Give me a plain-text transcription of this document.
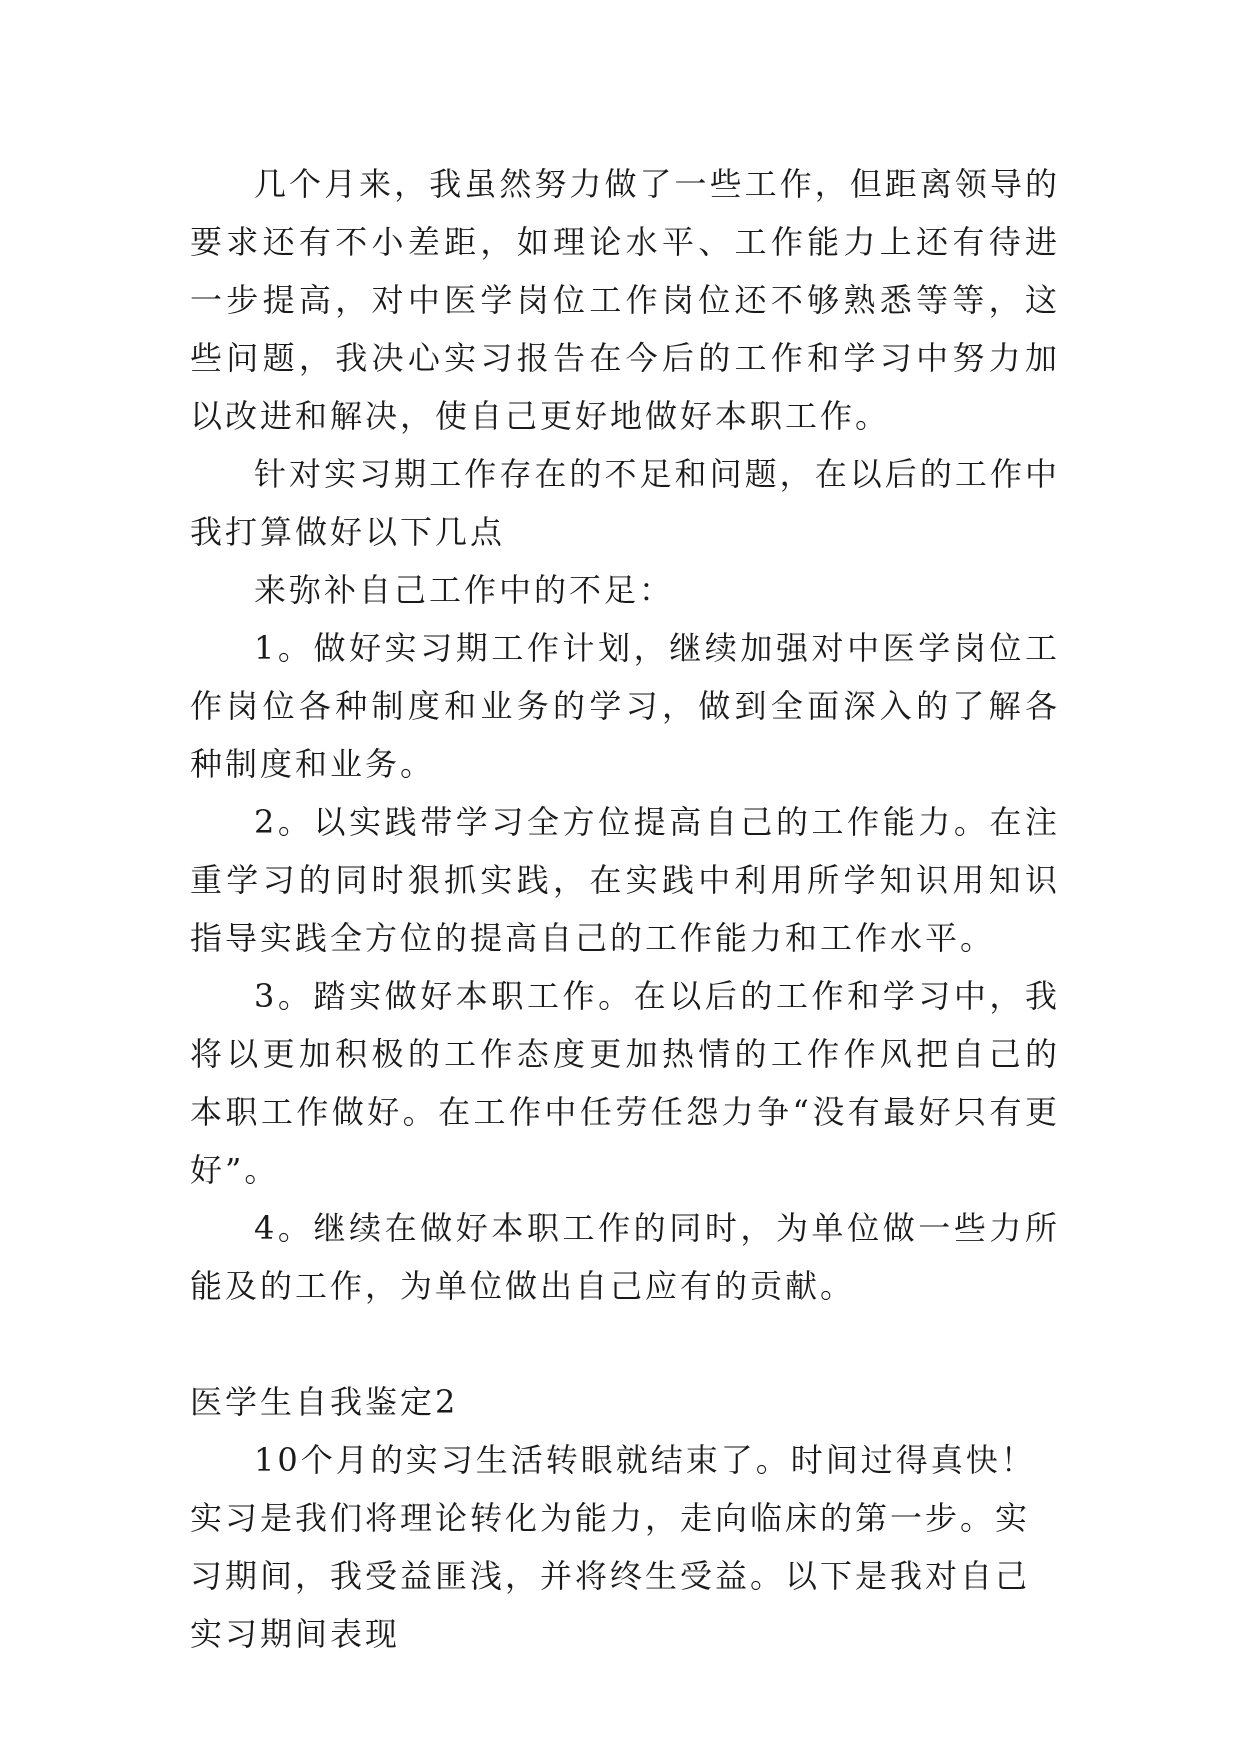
几个月来，我虽然努力做了一些工作，但距离领导的要求还有不小差距，如理论水平、工作能力上还有待进一步提高，对中医学岗位工作岗位还不够熟悉等等，这些问题，我决心实习报告在今后的工作和学习中努力加以改进和解决，使自己更好地做好本职工作。

针对实习期工作存在的不足和问题，在以后的工作中我打算做好以下几点

来弥补自己工作中的不足：

1。做好实习期工作计划，继续加强对中医学岗位工作岗位各种制度和业务的学习，做到全面深入的了解各种制度和业务。

2。以实践带学习全方位提高自己的工作能力。在注重学习的同时狠抓实践，在实践中利用所学知识用知识指导实践全方位的提高自己的工作能力和工作水平。

3。踏实做好本职工作。在以后的工作和学习中，我将以更加积极的工作态度更加热情的工作作风把自己的本职工作做好。在工作中任劳任怨力争“没有最好只有更好”。

4。继续在做好本职工作的同时，为单位做一些力所能及的工作，为单位做出自己应有的贡献。

医学生自我鉴定2

10个月的实习生活转眼就结束了。时间过得真快！实习是我们将理论转化为能力，走向临床的第一步。实习期间，我受益匪浅，并将终生受益。以下是我对自己实习期间表现
